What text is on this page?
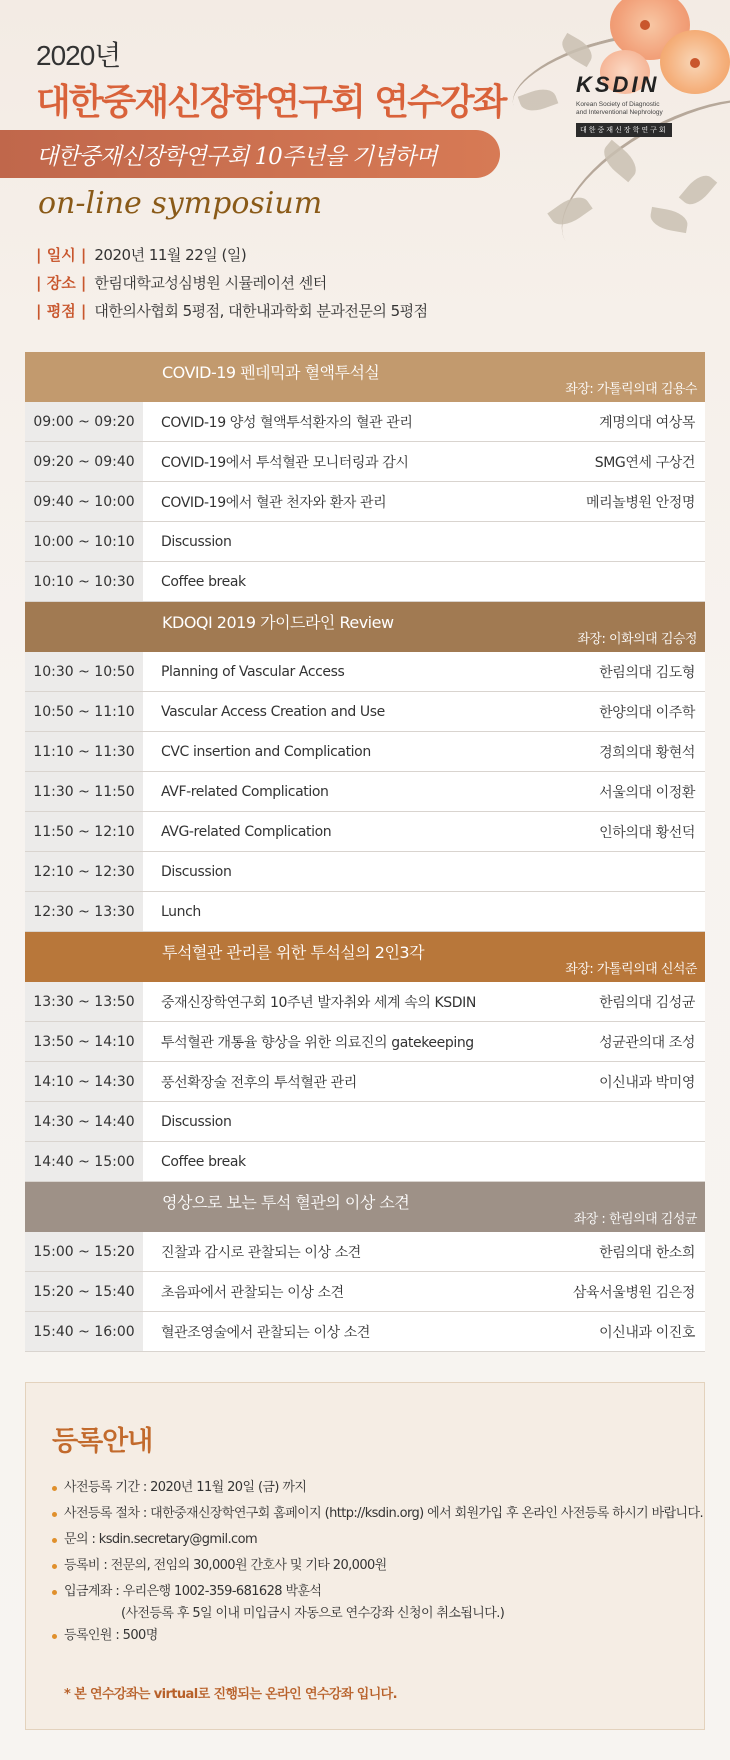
2020년
대한중재신장학연구회 연수강좌
대한중재신장학연구회 10주년을 기념하며
on-line symposium
KSDIN
Korean Society of Diagnostic
and Interventional Nephrology
대한중재신장학연구회
| 일시 | 2020년 11월 22일 (일)
| 장소 | 한림대학교성심병원 시뮬레이션 센터
| 평점 | 대한의사협회 5평점, 대한내과학회 분과전문의 5평점
COVID-19 펜데믹과 혈액투석실
좌장: 가톨릭의대 김용수
09:00 ~ 09:20	COVID-19 양성 혈액투석환자의 혈관 관리	계명의대 여상목
09:20 ~ 09:40	COVID-19에서 투석혈관 모니터링과 감시	SMG연세 구상건
09:40 ~ 10:00	COVID-19에서 혈관 천자와 환자 관리	메리놀병원 안정명
10:00 ~ 10:10	Discussion
10:10 ~ 10:30	Coffee break
KDOQI 2019 가이드라인 Review
좌장: 이화의대 김승정
10:30 ~ 10:50	Planning of Vascular Access	한림의대 김도형
10:50 ~ 11:10	Vascular Access Creation and Use	한양의대 이주학
11:10 ~ 11:30	CVC insertion and Complication	경희의대 황현석
11:30 ~ 11:50	AVF-related Complication	서울의대 이정환
11:50 ~ 12:10	AVG-related Complication	인하의대 황선덕
12:10 ~ 12:30	Discussion
12:30 ~ 13:30	Lunch
투석혈관 관리를 위한 투석실의 2인3각
좌장: 가톨릭의대 신석준
13:30 ~ 13:50	중재신장학연구회 10주년 발자취와 세계 속의 KSDIN	한림의대 김성균
13:50 ~ 14:10	투석혈관 개통율 향상을 위한 의료진의 gatekeeping	성균관의대 조성
14:10 ~ 14:30	풍선확장술 전후의 투석혈관 관리	이신내과 박미영
14:30 ~ 14:40	Discussion
14:40 ~ 15:00	Coffee break
영상으로 보는 투석 혈관의 이상 소견
좌장 : 한림의대 김성균
15:00 ~ 15:20	진찰과 감시로 관찰되는 이상 소견	한림의대 한소희
15:20 ~ 15:40	초음파에서 관찰되는 이상 소견	삼육서울병원 김은정
15:40 ~ 16:00	혈관조영술에서 관찰되는 이상 소견	이신내과 이진호
등록안내
사전등록 기간 : 2020년 11월 20일 (금) 까지
사전등록 절차 : 대한중재신장학연구회 홈페이지 (http://ksdin.org) 에서 회원가입 후 온라인 사전등록 하시기 바랍니다.
문의 : ksdin.secretary@gmil.com
등록비 : 전문의, 전임의 30,000원 간호사 및 기타 20,000원
입금계좌 : 우리은행 1002-359-681628 박훈석
(사전등록 후 5일 이내 미입금시 자동으로 연수강좌 신청이 취소됩니다.)
등록인원 : 500명
* 본 연수강좌는 virtual로 진행되는 온라인 연수강좌 입니다.
